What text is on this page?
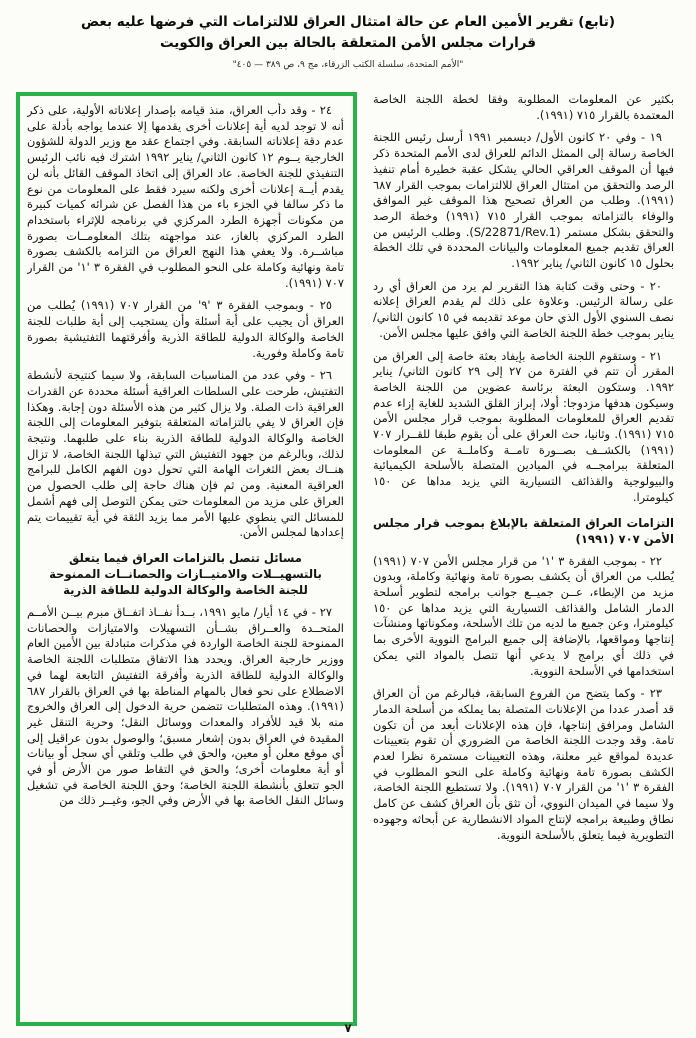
(تابع) تقرير الأمين العام عن حالة امتثال العراق للالتزامات التي فرضها عليه بعض
قرارات مجلس الأمن المتعلقة بالحالة بين العراق والكويت
"الأمم المتحدة، سلسلة الكتب الزرقاء، مج ٩، ص ٣٨٩ — ٤٠٥"

بكثير عن المعلومات المطلوبة وفقا لخطة اللجنة الخاصة المعتمدة بالقرار ٧١٥ (١٩٩١).

١٩ - وفي ٢٠ كانون الأول/ ديسمبر ١٩٩١ أرسل رئيس اللجنة الخاصة رسالة إلى الممثل الدائم للعراق لدى الأمم المتحدة ذكر فيها أن الموقف العراقي الحالي يشكل عقبة خطيرة أمام تنفيذ الرصد والتحقق من امتثال العراق للالتزامات بموجب القرار ٦٨٧ (١٩٩١). وطلب من العراق تصحيح هذا الموقف غير الموافق والوفاء بالتزاماته بموجب القرار ٧١٥ (١٩٩١) وخطة الرصد والتحقق بشكل مستمر (S/22871/Rev.1). وطلب الرئيس من العراق تقديم جميع المعلومات والبيانات المحددة في تلك الخطة بحلول ١٥ كانون الثاني/ يناير ١٩٩٢.

٢٠ - وحتى وقت كتابة هذا التقرير لم يرد من العراق أي رد على رسالة الرئيس. وعلاوة على ذلك لم يقدم العراق إعلانه نصف السنوي الأول الذي حان موعد تقديمه في ١٥ كانون الثاني/ يناير بموجب خطة اللجنة الخاصة التي وافق عليها مجلس الأمن.

٢١ - وستقوم اللجنة الخاصة بإيفاد بعثة خاصة إلى العراق من المقرر أن تتم في الفترة من ٢٧ إلى ٢٩ كانون الثاني/ يناير ١٩٩٢. وستكون البعثة برئاسة عضوين من اللجنة الخاصة وسيكون هدفها مزدوجا: أولا، إبراز القلق الشديد للغاية إزاء عدم تقديم العراق للمعلومات المطلوبة بموجب قرار مجلس الأمن ٧١٥ (١٩٩١). وثانيا، حث العراق على أن يقوم طبقا للقــرار ٧٠٧ (١٩٩١) بالكشــف بصــورة تامــة وكاملــة عن المعلومات المتعلقة ببرامجــه في الميادين المتصلة بالأسلحة الكيميائية والبيولوجية والقذائف التسيارية التي يزيد مداها عن ١٥٠ كيلومترا.

التزامات العراق المتعلقة بالإبلاغ بموجب قرار مجلس الأمن ٧٠٧ (١٩٩١)

٢٢ - بموجب الفقرة ٣ '١' من قرار مجلس الأمن ٧٠٧ (١٩٩١) يُطلب من العراق أن يكشف بصورة تامة ونهائية وكاملة، وبدون مزيد من الإبطاء، عــن جميــع جوانب برامجه لتطوير أسلحة الدمار الشامل والقذائف التسيارية التي يزيد مداها عن ١٥٠ كيلومترا، وعن جميع ما لديه من تلك الأسلحة، ومكوناتها ومنشآت إنتاجها ومواقعها، بالإضافة إلى جميع البرامج النووية الأخرى بما في ذلك أي برامج لا يدعي أنها تتصل بالمواد التي يمكن استخدامها في الأسلحة النووية.

٢٣ - وكما يتضح من الفروع السابقة، فبالرغم من أن العراق قد أصدر عددا من الإعلانات المتصلة بما يملكه من أسلحة الدمار الشامل ومرافق إنتاجها، فإن هذه الإعلانات أبعد من أن تكون تامة. وقد وجدت اللجنة الخاصة من الضروري أن تقوم بتعيينات عديدة لمواقع غير معلنة، وهذه التعيينات مستمرة نظرا لعدم الكشف بصورة تامة ونهائية وكاملة على النحو المطلوب في الفقرة ٣ '١' من القرار ٧٠٧ (١٩٩١). ولا تستطيع اللجنة الخاصة، ولا سيما في الميدان النووي، أن تثق بأن العراق كشف عن كامل نطاق وطبيعة برامجه لإنتاج المواد الانشطارية عن أبحاثه وجهوده التطويرية فيما يتعلق بالأسلحة النووية.

٢٤ - وقد دأب العراق، منذ قيامه بإصدار إعلاناته الأولية، على ذكر أنه لا توجد لديه أية إعلانات أخرى يقدمها إلا عندما يواجه بأدلة على عدم دقة إعلاناته السابقة. وفي اجتماع عقد مع وزير الدولة للشؤون الخارجية يــوم ١٢ كانون الثاني/ يناير ١٩٩٢ اشترك فيه نائب الرئيس التنفيذي للجنة الخاصة. عاد العراق إلى اتخاذ الموقف القائل بأنه لن يقدم أيــة إعلانات أخرى ولكنه سيرد فقط على المعلومات من نوع ما ذكر سالفا في الجزء باء من هذا الفصل عن شرائه كميات كبيرة من مكونات أجهزة الطرد المركزي في برنامجه للإثراء باستخدام الطرد المركزي بالغاز، عند مواجهته بتلك المعلومــات بصورة مباشــرة. ولا يعفي هذا النهج العراق من التزامه بالكشف بصورة تامة ونهائية وكاملة على النحو المطلوب في الفقرة ٣ '١' من القرار ٧٠٧ (١٩٩١).

٢٥ - وبموجب الفقرة ٣ '٩' من القرار ٧٠٧ (١٩٩١) يُطلب من العراق أن يجيب على أية أسئلة وأن يستجيب إلى أية طلبات للجنة الخاصة والوكالة الدولية للطاقة الذرية وأفرقتهما التفتيشية بصورة تامة وكاملة وفورية.

٢٦ - وفي عدد من المناسبات السابقة، ولا سيما كنتيجة لأنشطة التفتيش، طرحت على السلطات العراقية أسئلة محددة عن القدرات العراقية ذات الصلة. ولا يزال كثير من هذه الأسئلة دون إجابة. وهكذا فإن العراق لا يفي بالتزاماته المتعلقة بتوفير المعلومات إلى اللجنة الخاصة والوكالة الدولية للطاقة الذرية بناء على طلبهما. ونتيجة لذلك، وبالرغم من جهود التفتيش التي تبذلها اللجنة الخاصة، لا تزال هنــاك بعض الثغرات الهامة التي تحول دون الفهم الكامل للبرامج العراقية المعنية. ومن ثم فإن هناك حاجة إلى طلب الحصول من العراق على مزيد من المعلومات حتى يمكن التوصل إلى فهم أشمل للمسائل التي ينطوي عليها الأمر مما يزيد الثقة في أية تقييمات يتم إعدادها لمجلس الأمن.

مسائل تتصل بالتزامات العراق فيما يتعلق بالتسهيــلات والامتيــازات والحصانــات الممنوحة للجنة الخاصة والوكالة الدولية للطاقة الذرية

٢٧ - في ١٤ أيار/ مايو ١٩٩١، بــدأ نفــاذ اتفــاق مبرم بيــن الأمــم المتحــدة والعــراق بشــأن التسهيلات والامتيازات والحصانات الممنوحة للجنة الخاصة الواردة في مذكرات متبادلة بين الأمين العام ووزير خارجية العراق. ويحدد هذا الاتفاق متطلبات اللجنة الخاصة والوكالة الدولية للطاقة الذرية وأفرقة التفتيش التابعة لهما في الاضطلاع على نحو فعال بالمهام المناطة بها في العراق بالقرار ٦٨٧ (١٩٩١). وهذه المتطلبات تتضمن حرية الدخول إلى العراق والخروج منه بلا قيد للأفراد والمعدات ووسائل النقل؛ وحرية التنقل غير المقيدة في العراق بدون إشعار مسبق؛ والوصول بدون عراقيل إلى أي موقع معلن أو معين، والحق في طلب وتلقي أي سجل أو بيانات أو أية معلومات أخرى؛ والحق في التقاط صور من الأرض أو في الجو تتعلق بأنشطة اللجنة الخاصة؛ وحق اللجنة الخاصة في تشغيل وسائل النقل الخاصة بها في الأرض وفي الجو، وغيــر ذلك من

٧
